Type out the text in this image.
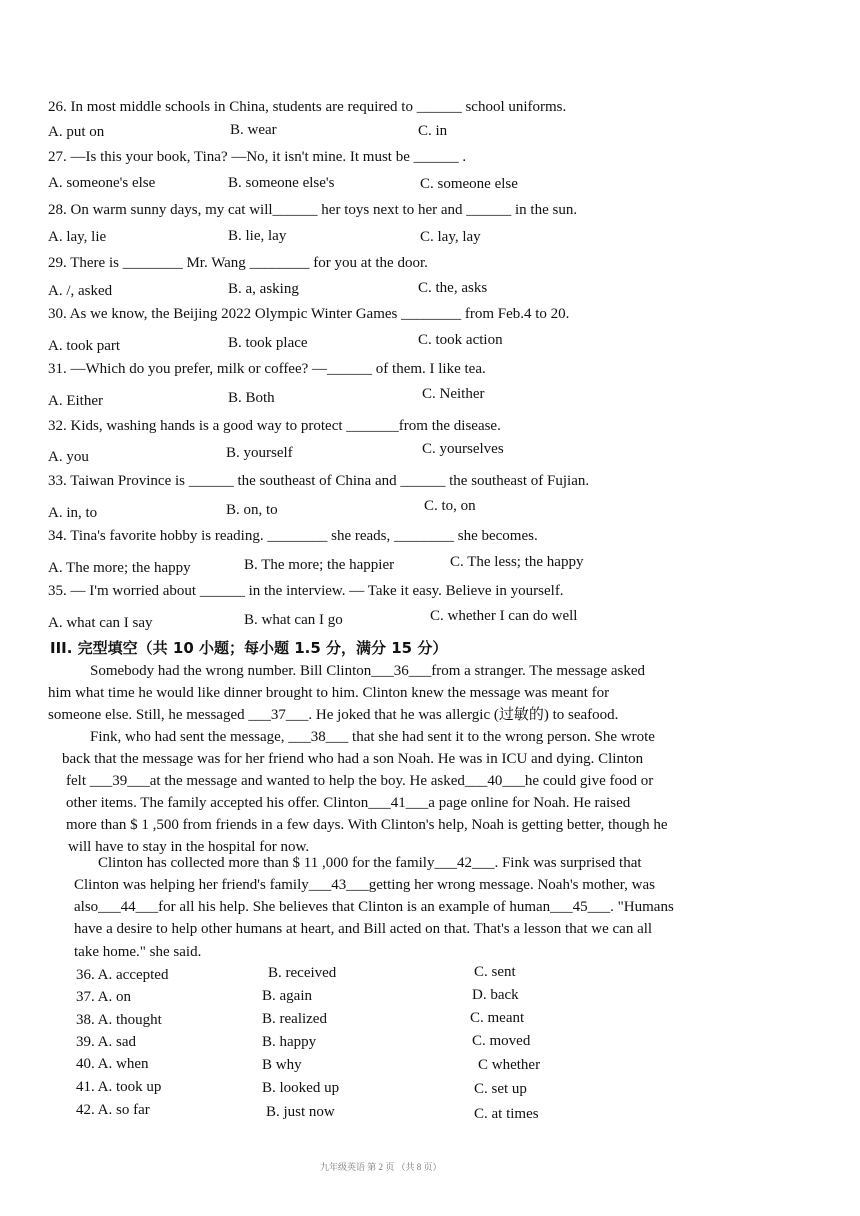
26. In most middle schools in China, students are required to ______ school uniforms.
A. put on	B. wear	C. in
27. —Is this your book, Tina? —No, it isn't mine. It must be ______ .
A. someone's else	B. someone else's	C. someone else
28. On warm sunny days, my cat will______ her toys next to her and ______ in the sun.
A. lay, lie	B. lie, lay	C. lay, lay
29. There is ________ Mr. Wang ________ for you at the door.
A. /, asked	B. a, asking	C. the, asks
30. As we know, the Beijing 2022 Olympic Winter Games ________ from Feb.4 to 20.
A. took part	B. took place	C. took action
31. —Which do you prefer, milk or coffee? —______ of them. I like tea.
A. Either	B. Both	C. Neither
32. Kids, washing hands is a good way to protect _______from the disease.
A. you	B. yourself	C. yourselves
33. Taiwan Province is ______ the southeast of China and ______ the southeast of Fujian.
A. in, to	B. on, to	C. to, on
34. Tina's favorite hobby is reading. ________ she reads, ________ she becomes.
A. The more; the happy	B. The more; the happier	C. The less; the happy
35. — I'm worried about ______ in the interview. — Take it easy. Believe in yourself.
A. what can I say	B. what can I go	C. whether I can do well
III. 完型填空（共 10 小题；每小题 1.5 分，满分 15 分）
Somebody had the wrong number. Bill Clinton___36___from a stranger. The message asked
him what time he would like dinner brought to him. Clinton knew the message was meant for
someone else. Still, he messaged ___37___. He joked that he was allergic (过敏的) to seafood.
Fink, who had sent the message, ___38___ that she had sent it to the wrong person. She wrote
back that the message was for her friend who had a son Noah. He was in ICU and dying. Clinton
felt ___39___at the message and wanted to help the boy. He asked___40___he could give food or
other items. The family accepted his offer. Clinton___41___a page online for Noah. He raised
more than $ 1 ,500 from friends in a few days. With Clinton's help, Noah is getting better, though he
will have to stay in the hospital for now.
Clinton has collected more than $ 11 ,000 for the family___42___. Fink was surprised that
Clinton was helping her friend's family___43___getting her wrong message. Noah's mother, was
also___44___for all his help. She believes that Clinton is an example of human___45___. "Humans
have a desire to help other humans at heart, and Bill acted on that. That's a lesson that we can all
take home." she said.
36. A. accepted	B. received	C. sent
37. A. on	B. again	D. back
38. A. thought	B. realized	C. meant
39. A. sad	B. happy	C. moved
40. A. when	B why	C whether
41. A. took up	B. looked up	C. set up
42. A. so far	B. just now	C. at times
九年级英语 第 2 页 （共 8 页）
